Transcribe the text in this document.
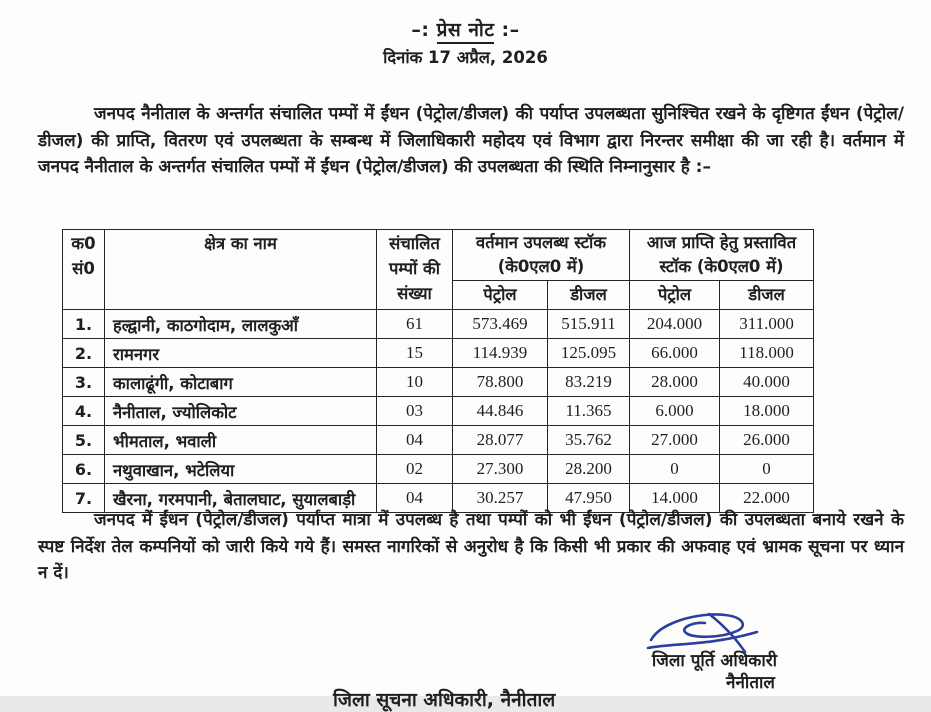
–: प्रेस नोट :–
दिनांक 17 अप्रैल, 2026
जनपद नैनीताल के अन्तर्गत संचालित पम्पों में ईंधन (पेट्रोल/डीजल) की पर्याप्त उपलब्धता सुनिश्चित रखने के दृष्टिगत ईंधन (पेट्रोल/डीजल) की प्राप्ति, वितरण एवं उपलब्धता के सम्बन्ध में जिलाधिकारी महोदय एवं विभाग द्वारा निरन्तर समीक्षा की जा रही है। वर्तमान में जनपद नैनीताल के अन्तर्गत संचालित पम्पों में ईंधन (पेट्रोल/डीजल) की उपलब्धता की स्थिति निम्नानुसार है :–
क0 सं0	क्षेत्र का नाम	संचालित पम्पों की संख्या	वर्तमान उपलब्ध स्टॉक (के0एल0 में)		आज प्राप्ति हेतु प्रस्तावित स्टॉक (के0एल0 में)	
			पेट्रोल	डीजल	पेट्रोल	डीजल
1.	हल्द्वानी, काठगोदाम, लालकुआँ	61	573.469	515.911	204.000	311.000
2.	रामनगर	15	114.939	125.095	66.000	118.000
3.	कालाढूंगी, कोटाबाग	10	78.800	83.219	28.000	40.000
4.	नैनीताल, ज्योलिकोट	03	44.846	11.365	6.000	18.000
5.	भीमताल, भवाली	04	28.077	35.762	27.000	26.000
6.	नथुवाखान, भटेलिया	02	27.300	28.200	0	0
7.	खैरना, गरमपानी, बेतालघाट, सुयालबाड़ी	04	30.257	47.950	14.000	22.000
जनपद में ईंधन (पेट्रोल/डीजल) पर्याप्त मात्रा में उपलब्ध है तथा पम्पों को भी ईंधन (पेट्रोल/डीजल) की उपलब्धता बनाये रखने के स्पष्ट निर्देश तेल कम्पनियों को जारी किये गये हैं। समस्त नागरिकों से अनुरोध है कि किसी भी प्रकार की अफवाह एवं भ्रामक सूचना पर ध्यान न दें।
जिला पूर्ति अधिकारी
नैनीताल
जिला सूचना अधिकारी, नैनीताल
